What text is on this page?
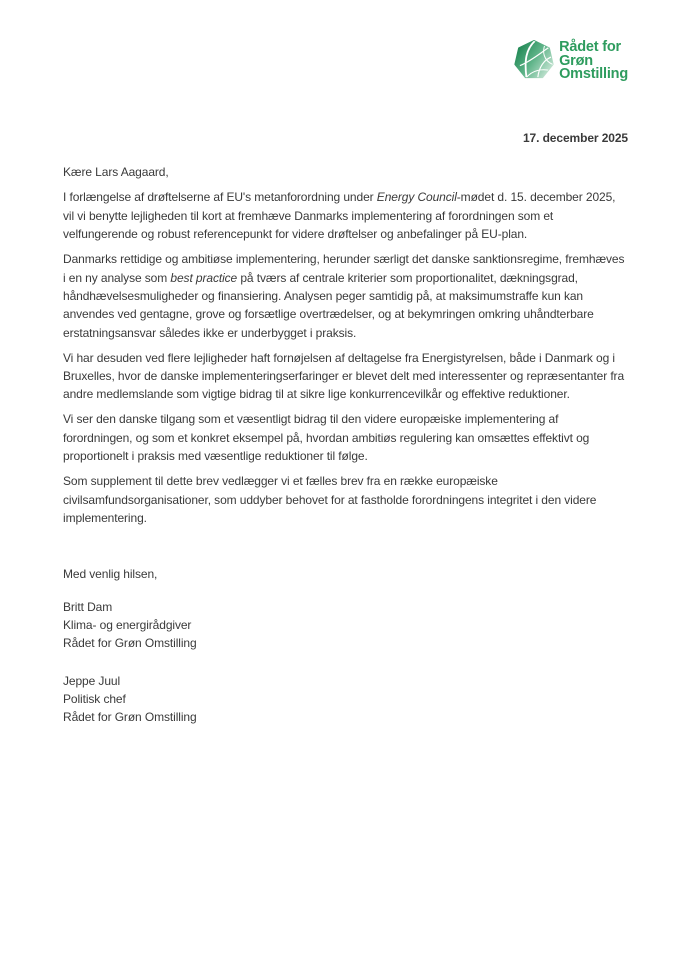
Rådet for
Grøn
Omstilling
17. december 2025
Kære Lars Aagaard,

I forlængelse af drøftelserne af EU's metanforordning under Energy Council-mødet d. 15. december 2025, vil vi benytte lejligheden til kort at fremhæve Danmarks implementering af forordningen som et velfungerende og robust referencepunkt for videre drøftelser og anbefalinger på EU-plan.

Danmarks rettidige og ambitiøse implementering, herunder særligt det danske sanktionsregime, fremhæves i en ny analyse som best practice på tværs af centrale kriterier som proportionalitet, dækningsgrad, håndhævelsesmuligheder og finansiering. Analysen peger samtidig på, at maksimumstraffe kun kan anvendes ved gentagne, grove og forsætlige overtrædelser, og at bekymringen omkring uhåndterbare erstatningsansvar således ikke er underbygget i praksis.

Vi har desuden ved flere lejligheder haft fornøjelsen af deltagelse fra Energistyrelsen, både i Danmark og i Bruxelles, hvor de danske implementeringserfaringer er blevet delt med interessenter og repræsentanter fra andre medlemslande som vigtige bidrag til at sikre lige konkurrencevilkår og effektive reduktioner.

Vi ser den danske tilgang som et væsentligt bidrag til den videre europæiske implementering af forordningen, og som et konkret eksempel på, hvordan ambitiøs regulering kan omsættes effektivt og proportionelt i praksis med væsentlige reduktioner til følge.

Som supplement til dette brev vedlægger vi et fælles brev fra en række europæiske civilsamfundsorganisationer, som uddyber behovet for at fastholde forordningens integritet i den videre implementering.

Med venlig hilsen,
Britt Dam
Klima- og energirådgiver
Rådet for Grøn Omstilling
Jeppe Juul
Politisk chef
Rådet for Grøn Omstilling
